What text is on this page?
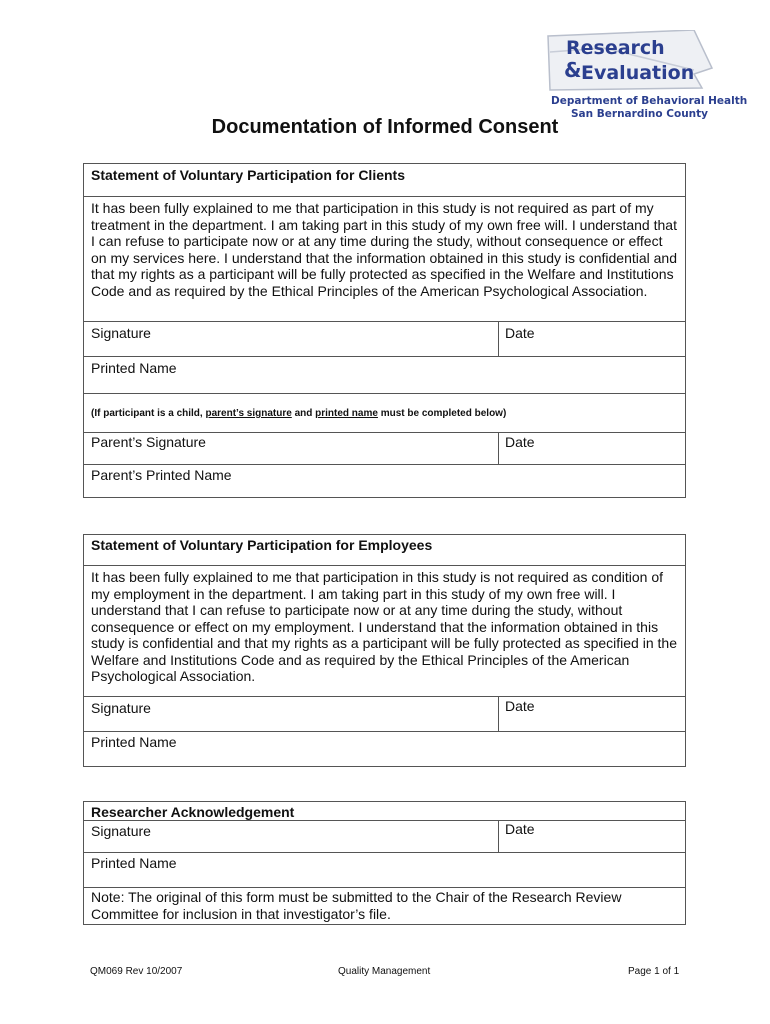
Research
& Evaluation
Department of Behavioral Health
San Bernardino County
Documentation of Informed Consent
Statement of Voluntary Participation for Clients
It has been fully explained to me that participation in this study is not required as part of my treatment in the department. I am taking part in this study of my own free will. I understand that I can refuse to participate now or at any time during the study, without consequence or effect on my services here. I understand that the information obtained in this study is confidential and that my rights as a participant will be fully protected as specified in the Welfare and Institutions Code and as required by the Ethical Principles of the American Psychological Association.
Signature	Date
Printed Name
(If participant is a child, parent’s signature and printed name must be completed below)
Parent’s Signature	Date
Parent’s Printed Name
Statement of Voluntary Participation for Employees
It has been fully explained to me that participation in this study is not required as condition of my employment in the department. I am taking part in this study of my own free will. I understand that I can refuse to participate now or at any time during the study, without consequence or effect on my employment. I understand that the information obtained in this study is confidential and that my rights as a participant will be fully protected as specified in the Welfare and Institutions Code and as required by the Ethical Principles of the American Psychological Association.
Signature	Date
Printed Name
Researcher Acknowledgement
Signature	Date
Printed Name
Note: The original of this form must be submitted to the Chair of the Research Review Committee for inclusion in that investigator’s file.
QM069 Rev 10/2007	Quality Management	Page 1 of 1
